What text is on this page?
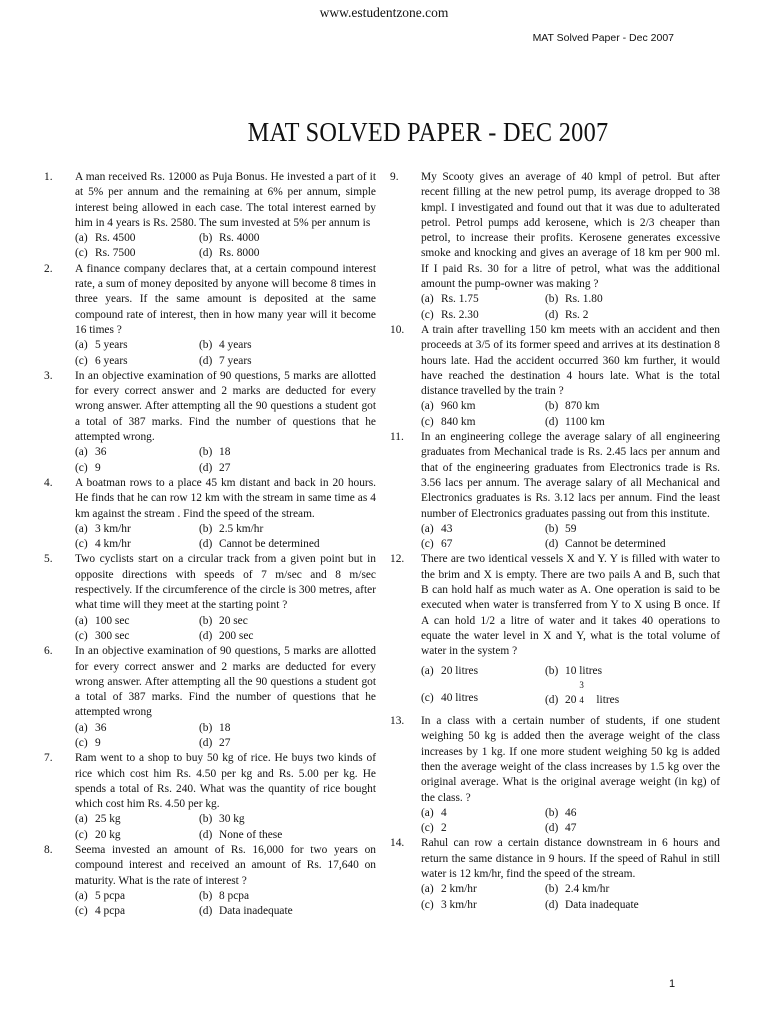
www.estudentzone.com
MAT Solved Paper - Dec 2007
MAT SOLVED PAPER - DEC 2007
1. A man received Rs. 12000 as Puja Bonus. He invested a part of it at 5% per annum and the remaining at 6% per annum, simple interest being allowed in each case. The total interest earned by him in 4 years is Rs. 2580. The sum invested at 5% per annum is
(a) Rs. 4500	(b) Rs. 4000
(c) Rs. 7500	(d) Rs. 8000
2. A finance company declares that, at a certain compound interest rate, a sum of money deposited by anyone will become 8 times in three years. If the same amount is deposited at the same compound rate of interest, then in how many year will it become 16 times ?
(a) 5 years	(b) 4 years
(c) 6 years	(d) 7 years
3. In an objective examination of 90 questions, 5 marks are allotted for every correct answer and 2 marks are deducted for every wrong answer. After attempting all the 90 questions a student got a total of 387 marks. Find the number of questions that he attempted wrong.
(a) 36	(b) 18
(c) 9	(d) 27
4. A boatman rows to a place 45 km distant and back in 20 hours. He finds that he can row 12 km with the stream in same time as 4 km against the stream . Find the speed of the stream.
(a) 3 km/hr	(b) 2.5 km/hr
(c) 4 km/hr	(d) Cannot be determined
5. Two cyclists start on a circular track from a given point but in opposite directions with speeds of 7 m/sec and 8 m/sec respectively. If the circumference of the circle is 300 metres, after what time will they meet at the starting point ?
(a) 100 sec	(b) 20 sec
(c) 300 sec	(d) 200 sec
6. In an objective examination of 90 questions, 5 marks are allotted for every correct answer and 2 marks are deducted for every wrong answer. After attempting all the 90 questions a student got a total of 387 marks. Find the number of questions that he attempted wrong
(a) 36	(b) 18
(c) 9	(d) 27
7. Ram went to a shop to buy 50 kg of rice. He buys two kinds of rice which cost him Rs. 4.50 per kg and Rs. 5.00 per kg. He spends a total of Rs. 240. What was the quantity of rice bought which cost him Rs. 4.50 per kg.
(a) 25 kg	(b) 30 kg
(c) 20 kg	(d) None of these
8. Seema invested an amount of Rs. 16,000 for two years on compound interest and received an amount of Rs. 17,640 on maturity. What is the rate of interest ?
(a) 5 pcpa	(b) 8 pcpa
(c) 4 pcpa	(d) Data inadequate
9. My Scooty gives an average of 40 kmpl of petrol. But after recent filling at the new petrol pump, its average dropped to 38 kmpl. I investigated and found out that it was due to adulterated petrol. Petrol pumps add kerosene, which is 2/3 cheaper than petrol, to increase their profits. Kerosene generates excessive smoke and knocking and gives an average of 18 km per 900 ml. If I paid Rs. 30 for a litre of petrol, what was the additional amount the pump-owner was making ?
(a) Rs. 1.75	(b) Rs. 1.80
(c) Rs. 2.30	(d) Rs. 2
10. A train after travelling 150 km meets with an accident and then proceeds at 3/5 of its former speed and arrives at its destination 8 hours late. Had the accident occurred 360 km further, it would have reached the destination 4 hours late. What is the total distance travelled by the train ?
(a) 960 km	(b) 870 km
(c) 840 km	(d) 1100 km
11. In an engineering college the average salary of all engineering graduates from Mechanical trade is Rs. 2.45 lacs per annum and that of the engineering graduates from Electronics trade is Rs. 3.56 lacs per annum. The average salary of all Mechanical and Electronics graduates is Rs. 3.12 lacs per annum. Find the least number of Electronics graduates passing out from this institute.
(a) 43	(b) 59
(c) 67	(d) Cannot be determined
12. There are two identical vessels X and Y. Y is filled with water to the brim and X is empty. There are two pails A and B, such that B can hold half as much water as A. One operation is said to be executed when water is transferred from Y to X using B once. If A can hold 1/2 a litre of water and it takes 40 operations to equate the water level in X and Y, what is the total volume of water in the system ?
(a) 20 litres	(b) 10 litres
(c) 40 litres	(d) 20
3
4 litres
13. In a class with a certain number of students, if one student weighing 50 kg is added then the average weight of the class increases by 1 kg. If one more student weighing 50 kg is added then the average weight of the class increases by 1.5 kg over the original average. What is the original average weight (in kg) of the class. ?
(a) 4	(b) 46
(c) 2	(d) 47
14. Rahul can row a certain distance downstream in 6 hours and return the same distance in 9 hours. If the speed of Rahul in still water is 12 km/hr, find the speed of the stream.
(a) 2 km/hr	(b) 2.4 km/hr
(c) 3 km/hr	(d) Data inadequate
1
